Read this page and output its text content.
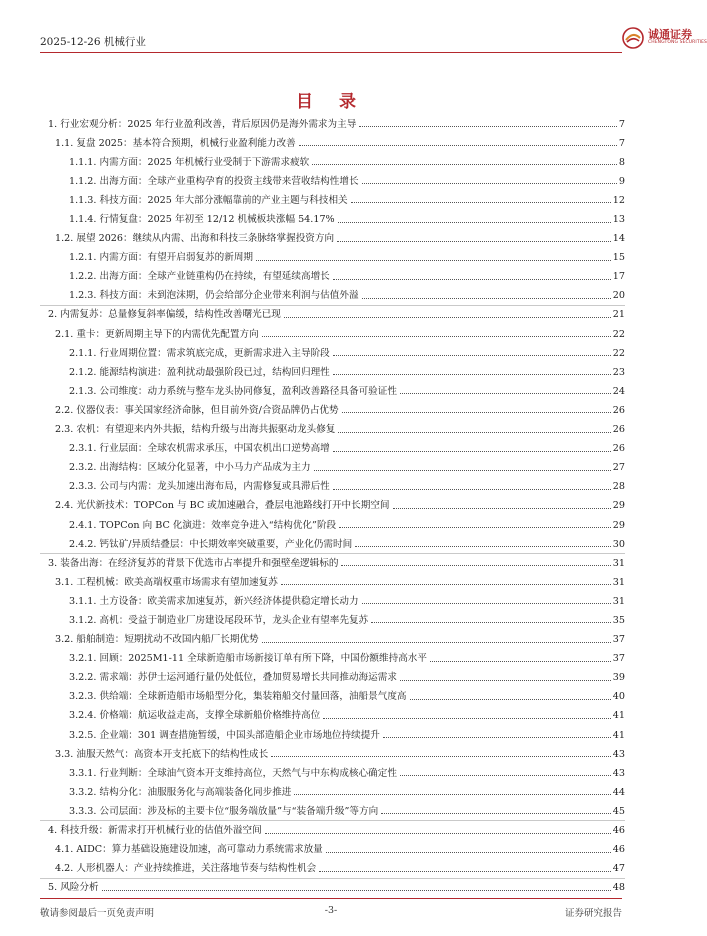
2025-12-26 机械行业
诚通证券
CHENGTONG SECURITIES
目 录
1. 行业宏观分析：2025 年行业盈利改善，背后原因仍是海外需求为主导	7
1.1. 复盘 2025：基本符合预期，机械行业盈利能力改善	7
1.1.1. 内需方面：2025 年机械行业受制于下游需求疲软	8
1.1.2. 出海方面：全球产业重构孕育的投资主线带来营收结构性增长	9
1.1.3. 科技方面：2025 年大部分涨幅靠前的产业主题与科技相关	12
1.1.4. 行情复盘：2025 年初至 12/12 机械板块涨幅 54.17%	13
1.2. 展望 2026：继续从内需、出海和科技三条脉络掌握投资方向	14
1.2.1. 内需方面：有望开启弱复苏的新周期	15
1.2.2. 出海方面：全球产业链重构仍在持续，有望延续高增长	17
1.2.3. 科技方面：未到泡沫期，仍会给部分企业带来利润与估值外溢	20
2. 内需复苏：总量修复斜率偏缓，结构性改善曙光已现	21
2.1. 重卡：更新周期主导下的内需优先配置方向	22
2.1.1. 行业周期位置：需求筑底完成，更新需求进入主导阶段	22
2.1.2. 能源结构演进：盈利扰动最强阶段已过，结构回归理性	23
2.1.3. 公司维度：动力系统与整车龙头协同修复，盈利改善路径具备可验证性	24
2.2. 仪器仪表：事关国家经济命脉，但目前外资/合资品牌仍占优势	26
2.3. 农机：有望迎来内外共振，结构升级与出海共振驱动龙头修复	26
2.3.1. 行业层面：全球农机需求承压，中国农机出口逆势高增	26
2.3.2. 出海结构：区域分化显著，中小马力产品成为主力	27
2.3.3. 公司与内需：龙头加速出海布局，内需修复或具滞后性	28
2.4. 光伏新技术：TOPCon 与 BC 或加速融合，叠层电池路线打开中长期空间	29
2.4.1. TOPCon 向 BC 化演进：效率竞争进入“结构优化”阶段	29
2.4.2. 钙钛矿/异质结叠层：中长期效率突破重要，产业化仍需时间	30
3. 装备出海：在经济复苏的背景下优选市占率提升和强壁垒逻辑标的	31
3.1. 工程机械：欧美高端权重市场需求有望加速复苏	31
3.1.1. 土方设备：欧美需求加速复苏，新兴经济体提供稳定增长动力	31
3.1.2. 高机：受益于制造业厂房建设尾段环节，龙头企业有望率先复苏	35
3.2. 船舶制造：短期扰动不改国内船厂长期优势	37
3.2.1. 回顾：2025M1-11 全球新造船市场新接订单有所下降，中国份额维持高水平	37
3.2.2. 需求端：苏伊士运河通行量仍处低位，叠加贸易增长共同推动海运需求	39
3.2.3. 供给端：全球新造船市场船型分化，集装箱船交付量回落，油船景气度高	40
3.2.4. 价格端：航运收益走高，支撑全球新船价格维持高位	41
3.2.5. 企业端：301 调查措施暂缓，中国头部造船企业市场地位持续提升	41
3.3. 油服天然气：高资本开支托底下的结构性成长	43
3.3.1. 行业判断：全球油气资本开支维持高位，天然气与中东构成核心确定性	43
3.3.2. 结构分化：油服服务化与高端装备化同步推进	44
3.3.3. 公司层面：涉及标的主要卡位“服务端放量”与“装备端升级”等方向	45
4. 科技升级：新需求打开机械行业的估值外溢空间	46
4.1. AIDC：算力基础设施建设加速，高可靠动力系统需求放量	46
4.2. 人形机器人：产业持续推进，关注落地节奏与结构性机会	47
5. 风险分析	48
敬请参阅最后一页免责声明	-3-	证券研究报告
